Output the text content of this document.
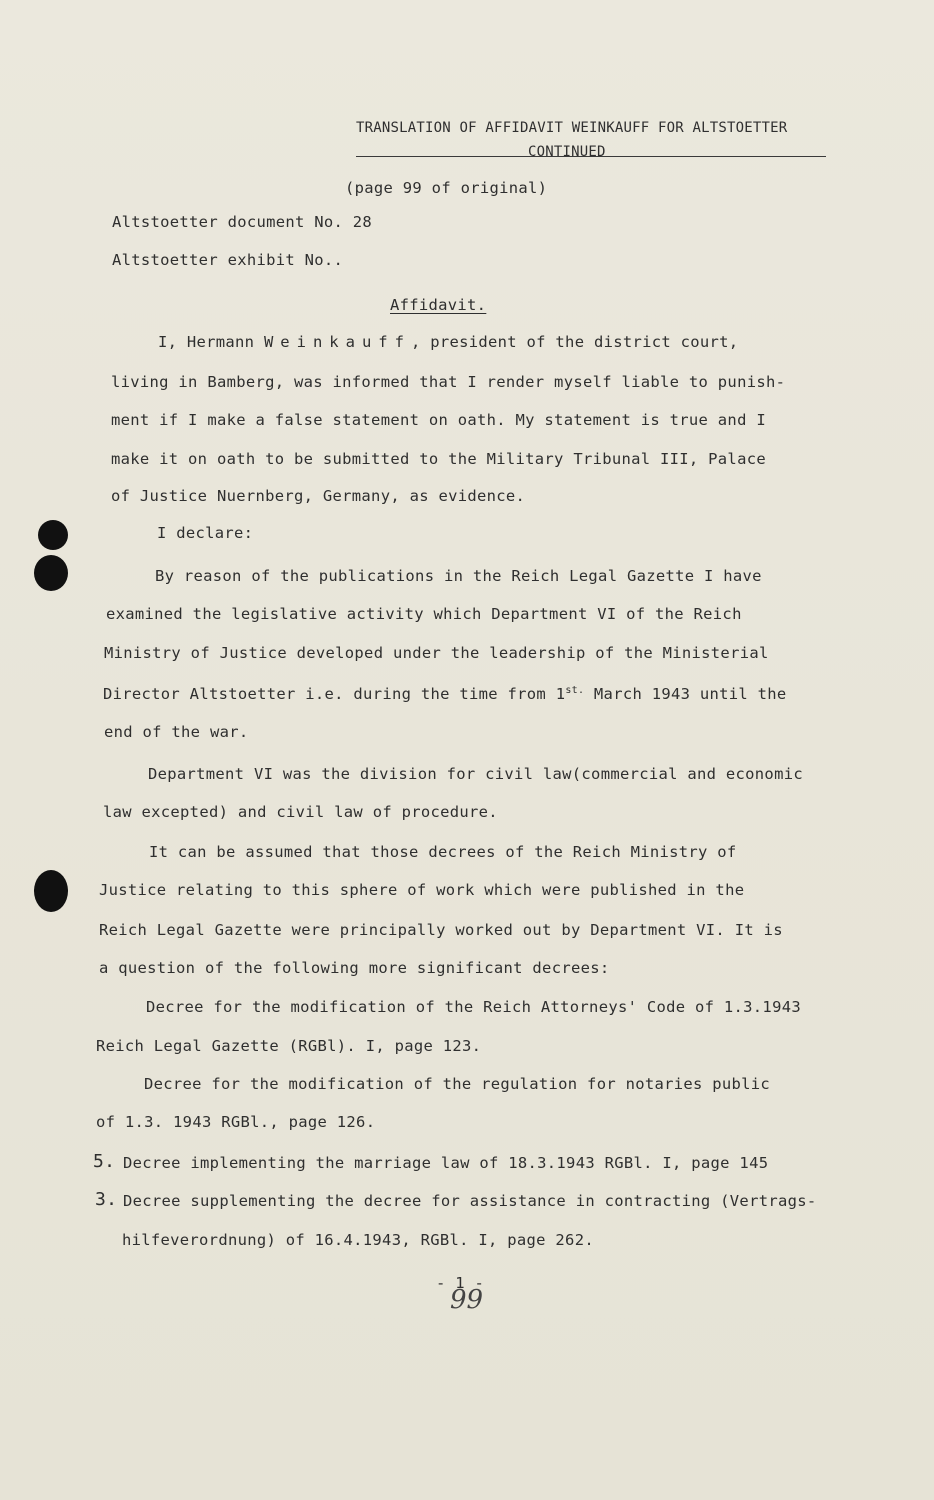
TRANSLATION OF AFFIDAVIT WEINKAUFF FOR ALTSTOETTER
CONTINUED
(page 99 of original)
Altstoetter document No. 28
Altstoetter exhibit No..
Affidavit.
I, Hermann Weinkauff, president of the district court,
living in Bamberg, was informed that I render myself liable to punish-
ment if I make a false statement on oath. My statement is true and I
make it on oath to be submitted to the Military Tribunal III, Palace
of Justice Nuernberg, Germany, as evidence.
I declare:
By reason of the publications in the Reich Legal Gazette I have
examined the legislative activity which Department VI of the Reich
Ministry of Justice developed under the leadership of the Ministerial
Director Altstoetter i.e. during the time from $1^{st.}$ March 1943 until the
end of the war.
Department VI was the division for civil law(commercial and economic
law excepted) and civil law of procedure.
It can be assumed that those decrees of the Reich Ministry of
Justice relating to this sphere of work which were published in the
Reich Legal Gazette were principally worked out by Department VI. It is
a question of the following more significant decrees:
Decree for the modification of the Reich Attorneys' Code of 1.3.1943
Reich Legal Gazette (RGBl). I, page 123.
Decree for the modification of the regulation for notaries public
of 1.3. 1943 RGBl., page 126.
5. Decree implementing the marriage law of 18.3.1943 RGBl. I, page 145
3. Decree supplementing the decree for assistance in contracting (Vertrags-
hilfeverordnung) of 16.4.1943, RGBl. I, page 262.
- 1 -
99
